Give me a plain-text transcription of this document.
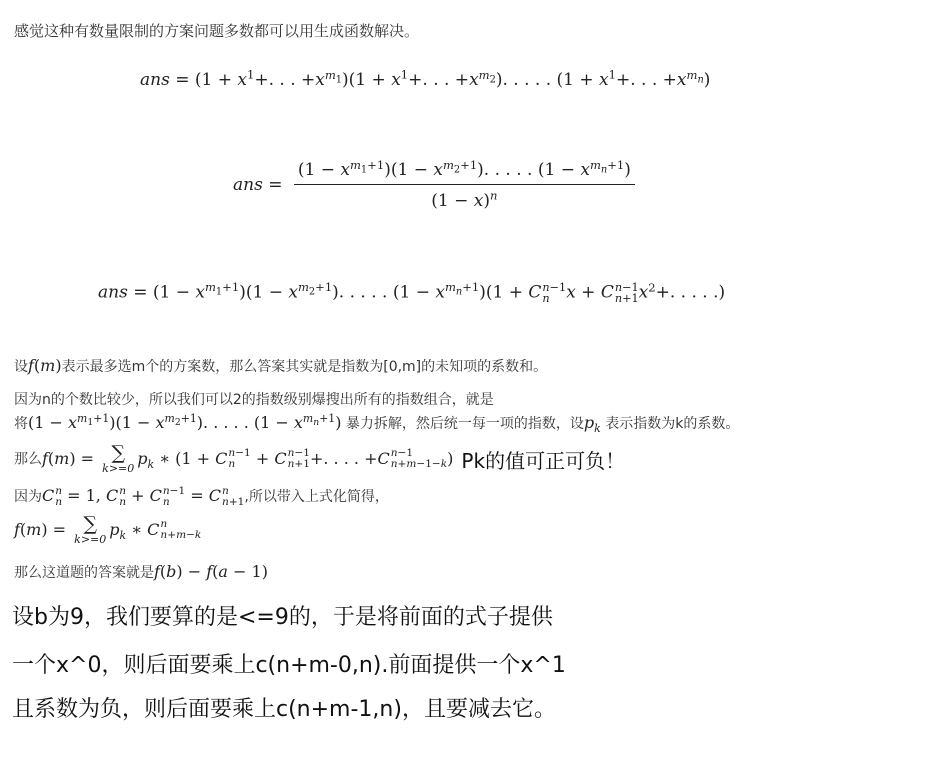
感觉这种有数量限制的方案问题多数都可以用生成函数解决。
ans = ($1 + x^1+$. . . $+x^{m_1})(1 + x^1+$. . . $+x^{m_2}$). . . . . ($1 + x^1+$. . . $+x^{m_n}$)
ans = $\frac{(1 - x^{m_1+1})(1 - x^{m_2+1}). . . . . (1 - x^{m_n+1})}{(1 - x)^n}$
ans = $(1 - x^{m_1+1})(1 - x^{m_2+1})$. . . . . $(1 - x^{m_n+1})(1 + C$ n−1
n x + C n−1
n+1 $x^2+$. . . . .)
设f(m)表示最多选m个的方案数，那么答案其实就是指数为[0,m]的未知项的系数和。
因为n的个数比较少，所以我们可以2的指数级别爆搜出所有的指数组合，就是
将$(1 - x^{m_1+1})(1 - x^{m_2+1})$. . . . . $(1 - x^{m_n+1})$ 暴力拆解，然后统一每一项的指数，设$p_k$ 表示指数为k的系数。
那么f(m) = ∑
k>=0
$p_k$ ∗ (1 + C n−1
n + C n−1
n+1 +. . . . +C n−1
n+m−1−k ) Pk的值可正可负！
因为C n
n = 1, C n
n + C n−1
n = C n
n+1 ,所以带入上式化简得，
f(m) = ∑
k>=0
$p_k$ ∗ C n
n+m−k
那么这道题的答案就是f(b) − f(a − 1)
设b为9，我们要算的是<=9的，于是将前面的式子提供
一个x^0，则后面要乘上c(n+m-0,n).前面提供一个x^1
且系数为负，则后面要乘上c(n+m-1,n)，且要减去它。
